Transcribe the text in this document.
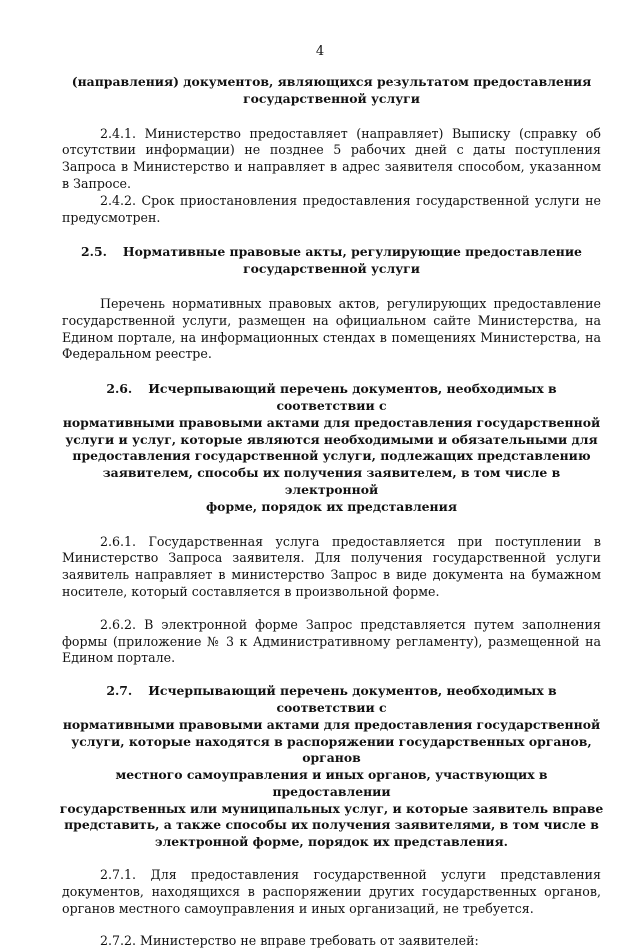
4
(направления) документов, являющихся результатом предоставления
государственной услуги

2.4.1. Министерство предоставляет (направляет) Выписку (справку об отсутствии информации) не позднее 5 рабочих дней с даты поступления Запроса в Министерство и направляет в адрес заявителя способом, указанном в Запросе.

2.4.2. Срок приостановления предоставления государственной услуги не предусмотрен.

2.5. Нормативные правовые акты, регулирующие предоставление
государственной услуги

Перечень нормативных правовых актов, регулирующих предоставление государственной услуги, размещен на официальном сайте Министерства, на Едином портале, на информационных стендах в помещениях Министерства, на Федеральном реестре.

2.6. Исчерпывающий перечень документов, необходимых в соответствии с
нормативными правовыми актами для предоставления государственной
услуги и услуг, которые являются необходимыми и обязательными для
предоставления государственной услуги, подлежащих представлению
заявителем, способы их получения заявителем, в том числе в электронной
форме, порядок их представления

2.6.1. Государственная услуга предоставляется при поступлении в Министерство Запроса заявителя. Для получения государственной услуги заявитель направляет в министерство Запрос в виде документа на бумажном носителе, который составляется в произвольной форме.

2.6.2. В электронной форме Запрос представляется путем заполнения формы (приложение № 3 к Административному регламенту), размещенной на Едином портале.

2.7. Исчерпывающий перечень документов, необходимых в соответствии с
нормативными правовыми актами для предоставления государственной
услуги, которые находятся в распоряжении государственных органов, органов
местного самоуправления и иных органов, участвующих в предоставлении
государственных или муниципальных услуг, и которые заявитель вправе
представить, а также способы их получения заявителями, в том числе в
электронной форме, порядок их представления.

2.7.1. Для предоставления государственной услуги представления документов, находящихся в распоряжении других государственных органов, органов местного самоуправления и иных организаций, не требуется.

2.7.2. Министерство не вправе требовать от заявителей:
